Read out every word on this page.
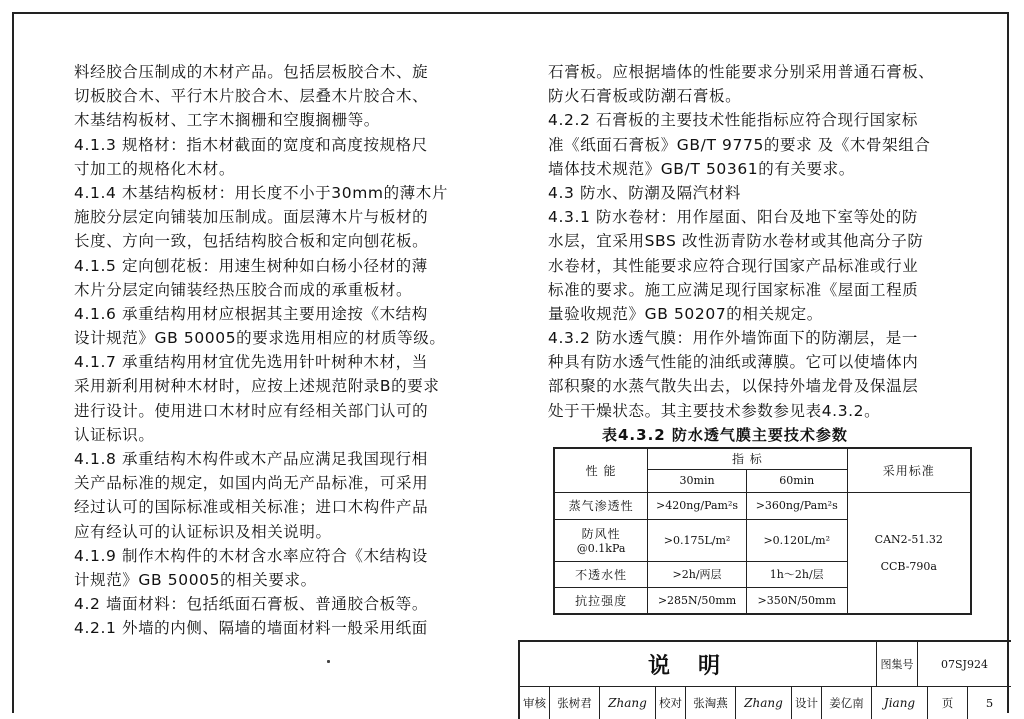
料经胶合压制成的木材产品。包括层板胶合木、旋
切板胶合木、平行木片胶合木、层叠木片胶合木、
木基结构板材、工字木搁栅和空腹搁栅等。
4.1.3 规格材：指木材截面的宽度和高度按规格尺
寸加工的规格化木材。
4.1.4 木基结构板材：用长度不小于30mm的薄木片
施胶分层定向铺装加压制成。面层薄木片与板材的
长度、方向一致，包括结构胶合板和定向刨花板。
4.1.5 定向刨花板：用速生树种如白杨小径材的薄
木片分层定向铺装经热压胶合而成的承重板材。
4.1.6 承重结构用材应根据其主要用途按《木结构
设计规范》GB 50005的要求选用相应的材质等级。
4.1.7 承重结构用材宜优先选用针叶树种木材，当
采用新利用树种木材时，应按上述规范附录B的要求
进行设计。使用进口木材时应有经相关部门认可的
认证标识。
4.1.8 承重结构木构件或木产品应满足我国现行相
关产品标准的规定，如国内尚无产品标准，可采用
经过认可的国际标准或相关标准；进口木构件产品
应有经认可的认证标识及相关说明。
4.1.9 制作木构件的木材含水率应符合《木结构设
计规范》GB 50005的相关要求。
4.2 墙面材料：包括纸面石膏板、普通胶合板等。
4.2.1 外墙的内侧、隔墙的墙面材料一般采用纸面
石膏板。应根据墙体的性能要求分别采用普通石膏板、
防火石膏板或防潮石膏板。
4.2.2 石膏板的主要技术性能指标应符合现行国家标
准《纸面石膏板》GB/T 9775的要求 及《木骨架组合
墙体技术规范》GB/T 50361的有关要求。
4.3 防水、防潮及隔汽材料
4.3.1 防水卷材：用作屋面、阳台及地下室等处的防
水层，宜采用SBS 改性沥青防水卷材或其他高分子防
水卷材，其性能要求应符合现行国家产品标准或行业
标准的要求。施工应满足现行国家标准《屋面工程质
量验收规范》GB 50207的相关规定。
4.3.2 防水透气膜：用作外墙饰面下的防潮层，是一
种具有防水透气性能的油纸或薄膜。它可以使墙体内
部积聚的水蒸气散失出去，以保持外墙龙骨及保温层
处于干燥状态。其主要技术参数参见表4.3.2。
表4.3.2 防水透气膜主要技术参数
性 能	指 标		采用标准
	30min	60min	
蒸气渗透性	>420ng/Pam²s	>360ng/Pam²s	CAN2-51.32
CCB-790a

防风性
@0.1kPa	>0.175L/m²	>0.120L/m²	
不透水性	>2h/两层	1h～2h/层	
抗拉强度	>285N/50mm	>350N/50mm	
说明	图集号	07SJ924
审核 张树君	Zhang	校对 张淘燕	Zhang	设计 姜亿南	Jiang	页	5
